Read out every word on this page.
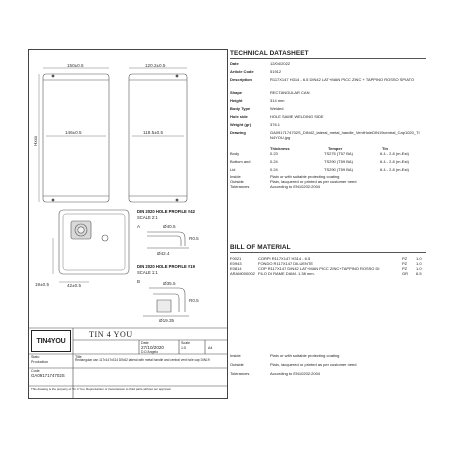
150±0.5
146±0.5
Hxxx
120.2±0.5
118.5±0.5
42±0.5
19±0.5
DIN 2020 HOLE PROFILE #42
SCALE 2:1
A	Ø40.5
Ø42.4
R0.5
DIN 2020 HOLE PROFILE #19
SCALE 1:1
B	Ø35.5
R0.5
Ø19.35
TIN4YOU
TIN 4 YOU
Date
27/10/2020
Scale
1:5	A4
D.D'Angelo
Stato
Production
Title
Rectangular can 117x147x314 DIN42 lateral with metal handle and central vent hole cap DIN19
Code
GA0917174702S
This drawing is the property of Tin 4 You. Reproduction or transmission to third parts without our approval
TECHNICAL DATASHEET
Date	12/04/2022
Article Code	51912
Description	R117X147 H314 - 6.5 DIN42 LAT+MAN PICC ZINC + TAPPINO ROSSO SPIATO
Shape	RECTANGULAR CAN
Height	314 mm
Body Type	Welded
Hole side	HOLE SAME WELDING SIDE
Weight (gr)	376.1
Drawing	GA0917174702S_DIN42_lateral_metal_handle_VentHoleDIN19central_Cap1020_TIN4YOU.jpg
Thickness	Temper	Tin
Body	0.23	TS275 (T57 BA)	6.4 - 2.8 (m-Est)
Bottom and	0.24	TS290 (T59 BA)	6.4 - 2.8 (m-Est)
Lid	0.24	TS290 (T59 BA)	6.4 - 2.8 (m-Est)
Inside	Plain or with suitable protecting coating
Outside	Plain, lacquered or printed as per customer need
Tolerances	According to EN10202:2004
BILL OF MATERIAL
F0021	CORPI R117X147 H314 - 6.5	PZ 1.0
E0943	FONDO R117X147 DILUENTE	PZ 1.0
E0814	COP R117X147 DIN42 LAT+MAN PICC ZINC+TAPPINO ROSSO DI	PZ 1.0
ARAM000002 FILO DI RAME DIAM. 1.38 mm.	GR 6.5
Inside	Plain or with suitable protecting coating
Outside	Plain, lacquered or printed as per customer need
Tolerances	According to EN10202:2004
